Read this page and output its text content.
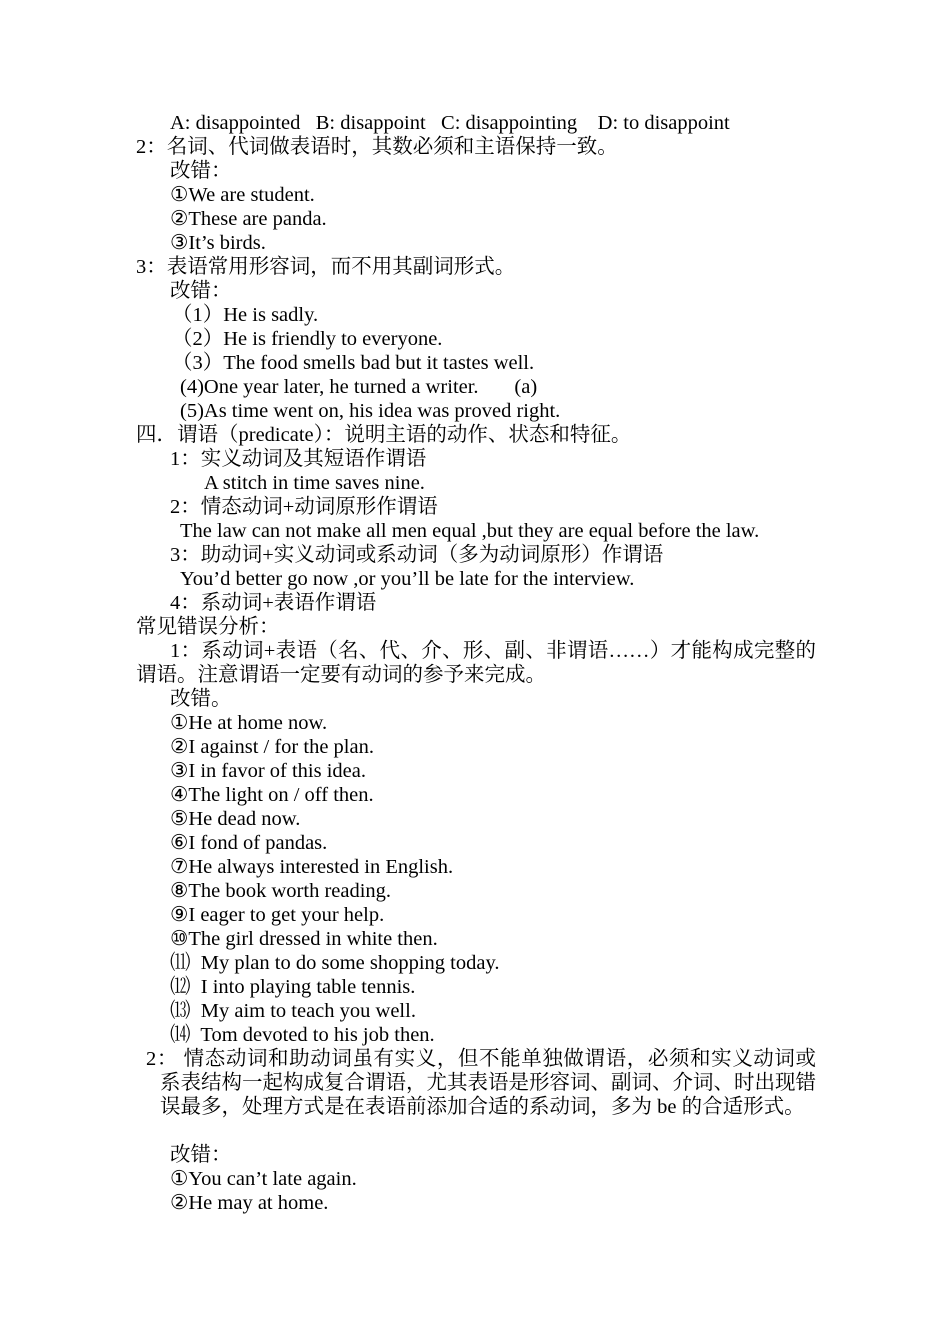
A: disappointed   B: disappoint   C: disappointing    D: to disappoint
2：名词、代词做表语时，其数必须和主语保持一致。
改错：
①We are student.
②These are panda.
③It’s birds.
3：表语常用形容词，而不用其副词形式。
改错：
（1）He is sadly.
（2）He is friendly to everyone.
（3）The food smells bad but it tastes well.
(4)One year later, he turned a writer.       (a)
(5)As time went on, his idea was proved right.
四．谓语（predicate）：说明主语的动作、状态和特征。
1：实义动词及其短语作谓语
A stitch in time saves nine.
2：情态动词+动词原形作谓语
The law can not make all men equal ,but they are equal before the law.
3：助动词+实义动词或系动词（多为动词原形）作谓语
You’d better go now ,or you’ll be late for the interview.
4：系动词+表语作谓语
常见错误分析：
1：系动词+表语（名、代、介、形、副、非谓语……）才能构成完整的谓语。注意谓语一定要有动词的参予来完成。
改错。
①He at home now.
②I against / for the plan.
③I in favor of this idea.
④The light on / off then.
⑤He dead now.
⑥I fond of pandas.
⑦He always interested in English.
⑧The book worth reading.
⑨I eager to get your help.
⑩The girl dressed in white then.
⑾  My plan to do some shopping today.
⑿  I into playing table tennis.
⒀  My aim to teach you well.
⒁  Tom devoted to his job then.
2： 情态动词和助动词虽有实义，但不能单独做谓语，必须和实义动词或系表结构一起构成复合谓语，尤其表语是形容词、副词、介词、时出现错误最多，处理方式是在表语前添加合适的系动词，多为 be 的合适形式。
改错：
①You can’t late again.
②He may at home.
